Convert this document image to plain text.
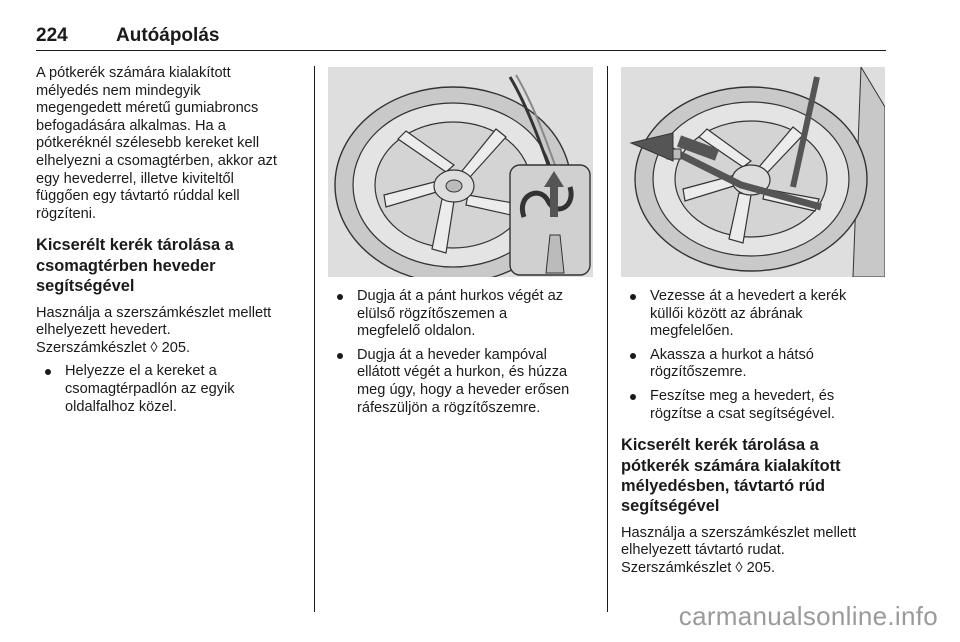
224	Autóápolás

A pótkerék számára kialakított
mélyedés nem mindegyik
megengedett méretű gumiabroncs
befogadására alkalmas. Ha a
pótkeréknél szélesebb kereket kell
elhelyezni a csomagtérben, akkor azt
egy hevederrel, illetve kiviteltől
függően egy távtartó rúddal kell
rögzíteni.

Kicserélt kerék tárolása a
csomagtérben heveder
segítségével

Használja a szerszámkészlet mellett
elhelyezett hevedert.
Szerszámkészlet ◊ 205.

Helyezze el a kereket a
csomagtérpadlón az egyik
oldalfalhoz közel.
Dugja át a pánt hurkos végét az
elülső rögzítőszemen a
megfelelő oldalon.
Dugja át a heveder kampóval
ellátott végét a hurkon, és húzza
meg úgy, hogy a heveder erősen
ráfeszüljön a rögzítőszemre.
Vezesse át a hevedert a kerék
küllői között az ábrának
megfelelően.
Akassza a hurkot a hátsó
rögzítőszemre.
Feszítse meg a hevedert, és
rögzítse a csat segítségével.
Kicserélt kerék tárolása a
pótkerék számára kialakított
mélyedésben, távtartó rúd
segítségével

Használja a szerszámkészlet mellett
elhelyezett távtartó rudat.
Szerszámkészlet ◊ 205.

carmanualsonline.info
